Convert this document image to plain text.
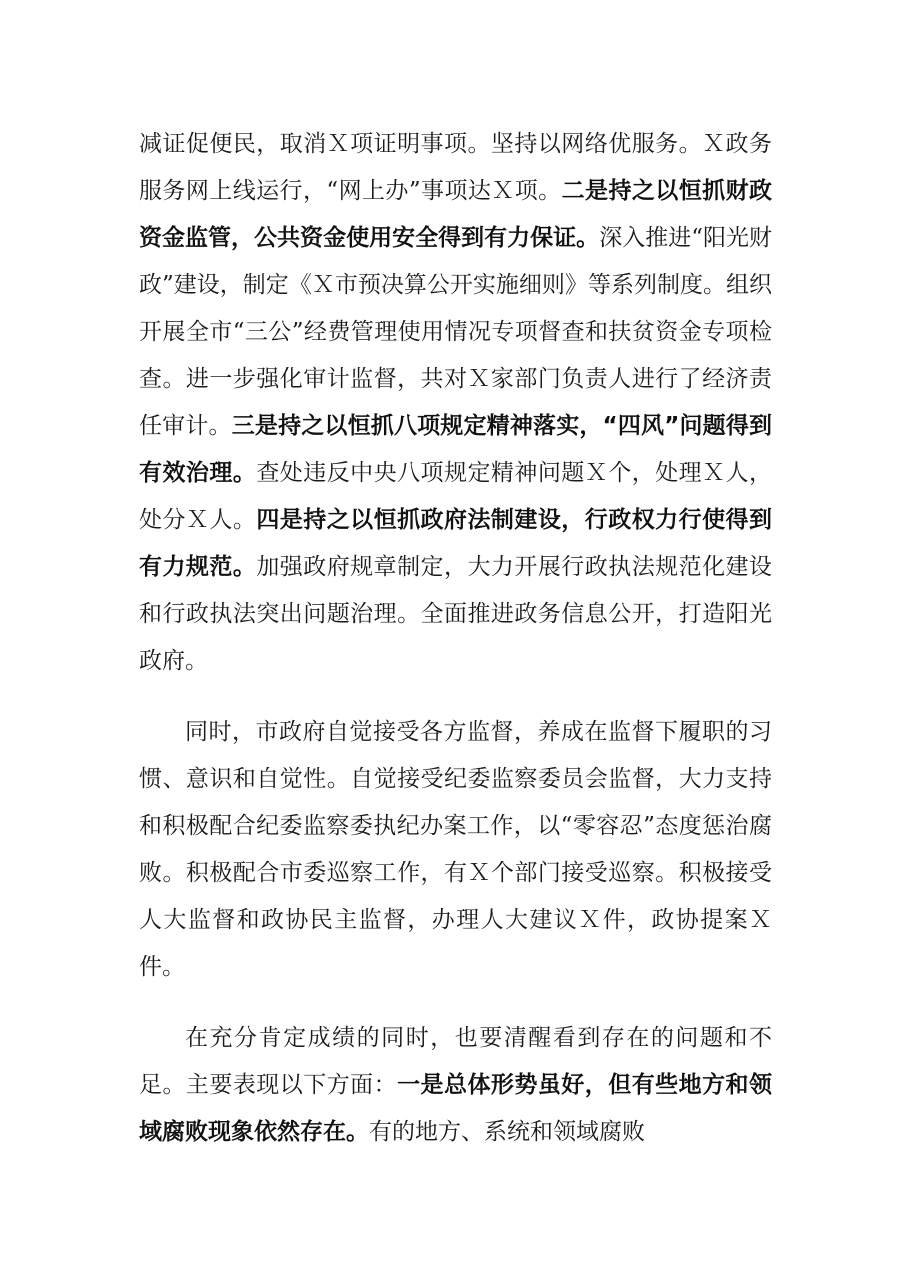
减证促便民，取消Ｘ项证明事项。坚持以网络优服务。Ｘ政务服务网上线运行，“网上办”事项达Ｘ项。二是持之以恒抓财政资金监管，公共资金使用安全得到有力保证。深入推进“阳光财政”建设，制定《Ｘ市预决算公开实施细则》等系列制度。组织开展全市“三公”经费管理使用情况专项督查和扶贫资金专项检查。进一步强化审计监督，共对Ｘ家部门负责人进行了经济责任审计。三是持之以恒抓八项规定精神落实，“四风”问题得到有效治理。查处违反中央八项规定精神问题Ｘ个，处理Ｘ人，处分Ｘ人。四是持之以恒抓政府法制建设，行政权力行使得到有力规范。加强政府规章制定，大力开展行政执法规范化建设和行政执法突出问题治理。全面推进政务信息公开，打造阳光政府。

同时，市政府自觉接受各方监督，养成在监督下履职的习惯、意识和自觉性。自觉接受纪委监察委员会监督，大力支持和积极配合纪委监察委执纪办案工作，以“零容忍”态度惩治腐败。积极配合市委巡察工作，有Ｘ个部门接受巡察。积极接受人大监督和政协民主监督，办理人大建议Ｘ件，政协提案Ｘ件。

在充分肯定成绩的同时，也要清醒看到存在的问题和不足。主要表现以下方面：一是总体形势虽好，但有些地方和领域腐败现象依然存在。有的地方、系统和领域腐败
